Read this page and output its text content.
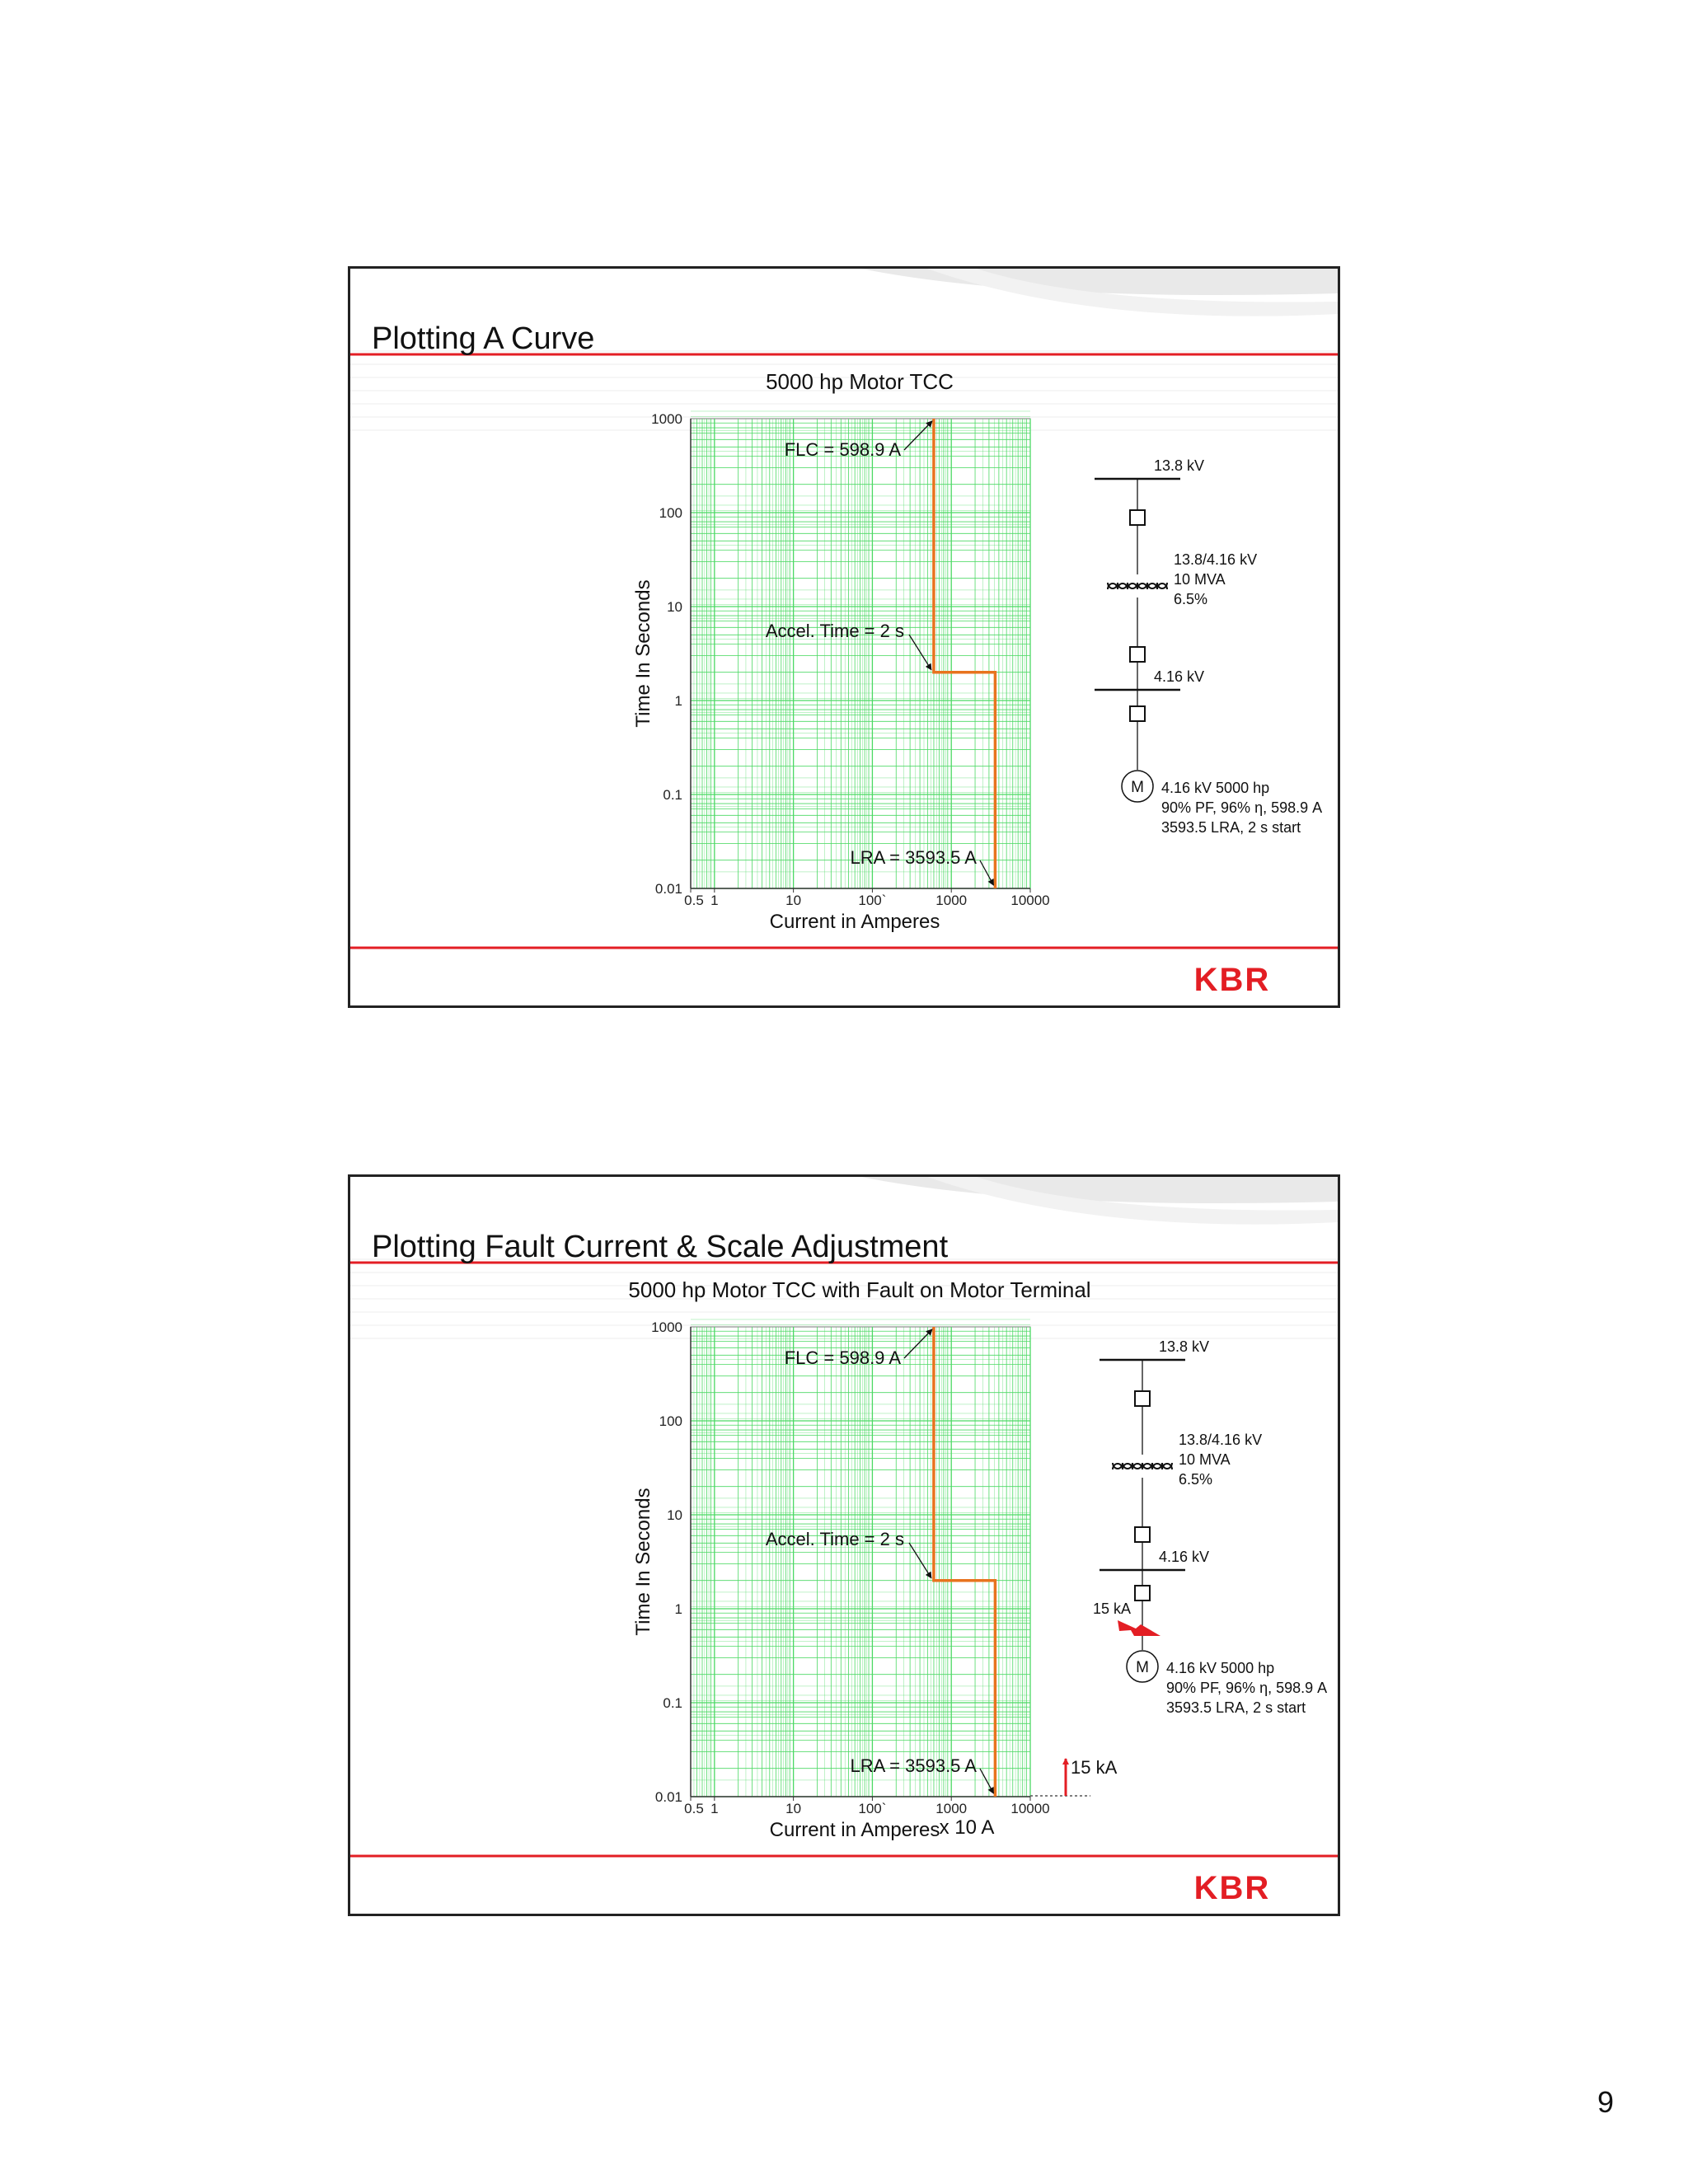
KBR
0.5 1	10	100`	1000	10000
1000
100
10
1
0.1
0.01
5000 hp Motor TCC
Current in Amperes
Time In Seconds
FLC = 598.9 A
Accel. Time = 2 s
LRA = 3593.5 A
13.8 kV
13.8/4.16 kV
10 MVA
6.5%
4.16 kV
M 4.16 kV 5000 hp
90% PF, 96% η, 598.9 A
3593.5 LRA, 2 s start
Plotting A Curve
KBR
0.5 1	10	100`	1000	10000
1000
100
10
1
0.1
0.01
5000 hp Motor TCC with Fault on Motor Terminal
Current in Amperes x 10 A
Time In Seconds
FLC = 598.9 A
Accel. Time = 2 s
LRA = 3593.5 A	15 kA
13.8 kV
13.8/4.16 kV
10 MVA
6.5%
4.16 kV
15 kA
M 4.16 kV 5000 hp
90% PF, 96% η, 598.9 A
3593.5 LRA, 2 s start
Plotting Fault Current & Scale Adjustment
9
